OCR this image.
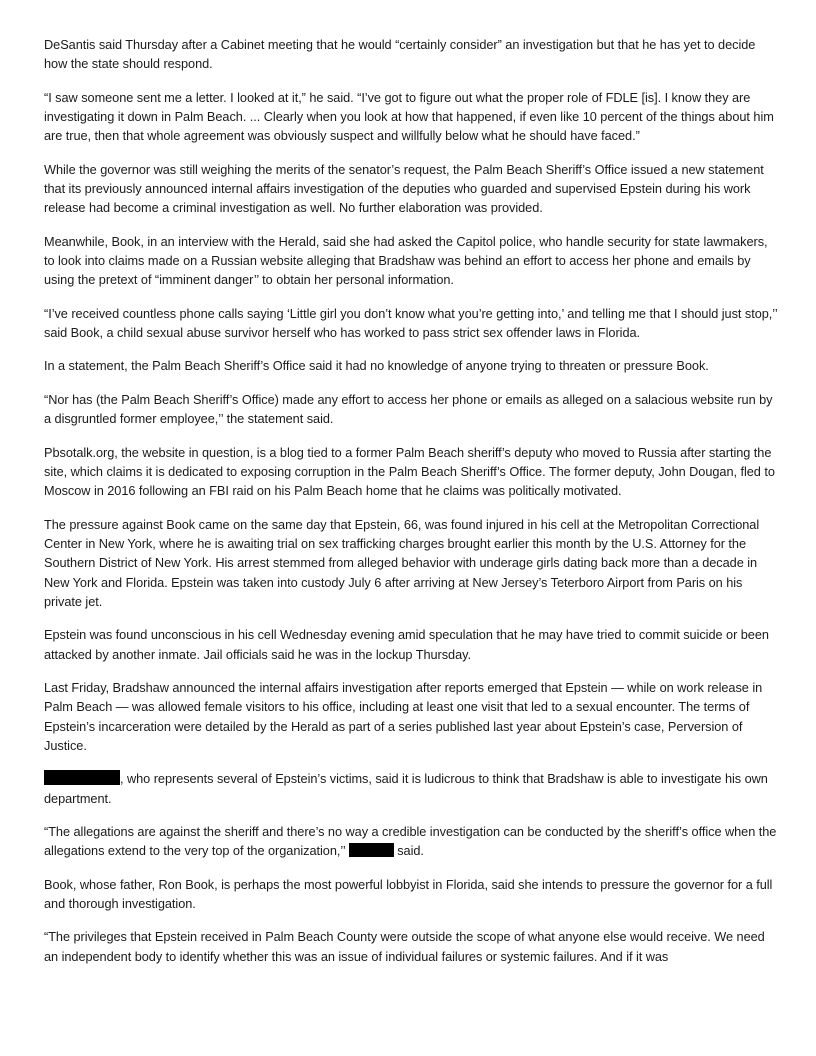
DeSantis said Thursday after a Cabinet meeting that he would “certainly consider” an investigation but that he has yet to decide how the state should respond.

“I saw someone sent me a letter. I looked at it,” he said. “I’ve got to figure out what the proper role of FDLE [is]. I know they are investigating it down in Palm Beach. ... Clearly when you look at how that happened, if even like 10 percent of the things about him are true, then that whole agreement was obviously suspect and willfully below what he should have faced.”

While the governor was still weighing the merits of the senator’s request, the Palm Beach Sheriff’s Office issued a new statement that its previously announced internal affairs investigation of the deputies who guarded and supervised Epstein during his work release had become a criminal investigation as well. No further elaboration was provided.

Meanwhile, Book, in an interview with the Herald, said she had asked the Capitol police, who handle security for state lawmakers, to look into claims made on a Russian website alleging that Bradshaw was behind an effort to access her phone and emails by using the pretext of “imminent danger’’ to obtain her personal information.

“I’ve received countless phone calls saying ‘Little girl you don’t know what you’re getting into,’ and telling me that I should just stop,’’ said Book, a child sexual abuse survivor herself who has worked to pass strict sex offender laws in Florida.

In a statement, the Palm Beach Sheriff’s Office said it had no knowledge of anyone trying to threaten or pressure Book.

“Nor has (the Palm Beach Sheriff’s Office) made any effort to access her phone or emails as alleged on a salacious website run by a disgruntled former employee,’’ the statement said.

Pbsotalk.org, the website in question, is a blog tied to a former Palm Beach sheriff’s deputy who moved to Russia after starting the site, which claims it is dedicated to exposing corruption in the Palm Beach Sheriff’s Office. The former deputy, John Dougan, fled to Moscow in 2016 following an FBI raid on his Palm Beach home that he claims was politically motivated.

The pressure against Book came on the same day that Epstein, 66, was found injured in his cell at the Metropolitan Correctional Center in New York, where he is awaiting trial on sex trafficking charges brought earlier this month by the U.S. Attorney for the Southern District of New York. His arrest stemmed from alleged behavior with underage girls dating back more than a decade in New York and Florida. Epstein was taken into custody July 6 after arriving at New Jersey’s Teterboro Airport from Paris on his private jet.

Epstein was found unconscious in his cell Wednesday evening amid speculation that he may have tried to commit suicide or been attacked by another inmate. Jail officials said he was in the lockup Thursday.

Last Friday, Bradshaw announced the internal affairs investigation after reports emerged that Epstein — while on work release in Palm Beach — was allowed female visitors to his office, including at least one visit that led to a sexual encounter. The terms of Epstein’s incarceration were detailed by the Herald as part of a series published last year about Epstein’s case, Perversion of Justice.

, who represents several of Epstein’s victims, said it is ludicrous to think that Bradshaw is able to investigate his own department.

“The allegations are against the sheriff and there’s no way a credible investigation can be conducted by the sheriff’s office when the allegations extend to the very top of the organization,’’	said.

Book, whose father, Ron Book, is perhaps the most powerful lobbyist in Florida, said she intends to pressure the governor for a full and thorough investigation.

“The privileges that Epstein received in Palm Beach County were outside the scope of what anyone else would receive. We need an independent body to identify whether this was an issue of individual failures or systemic failures. And if it was
